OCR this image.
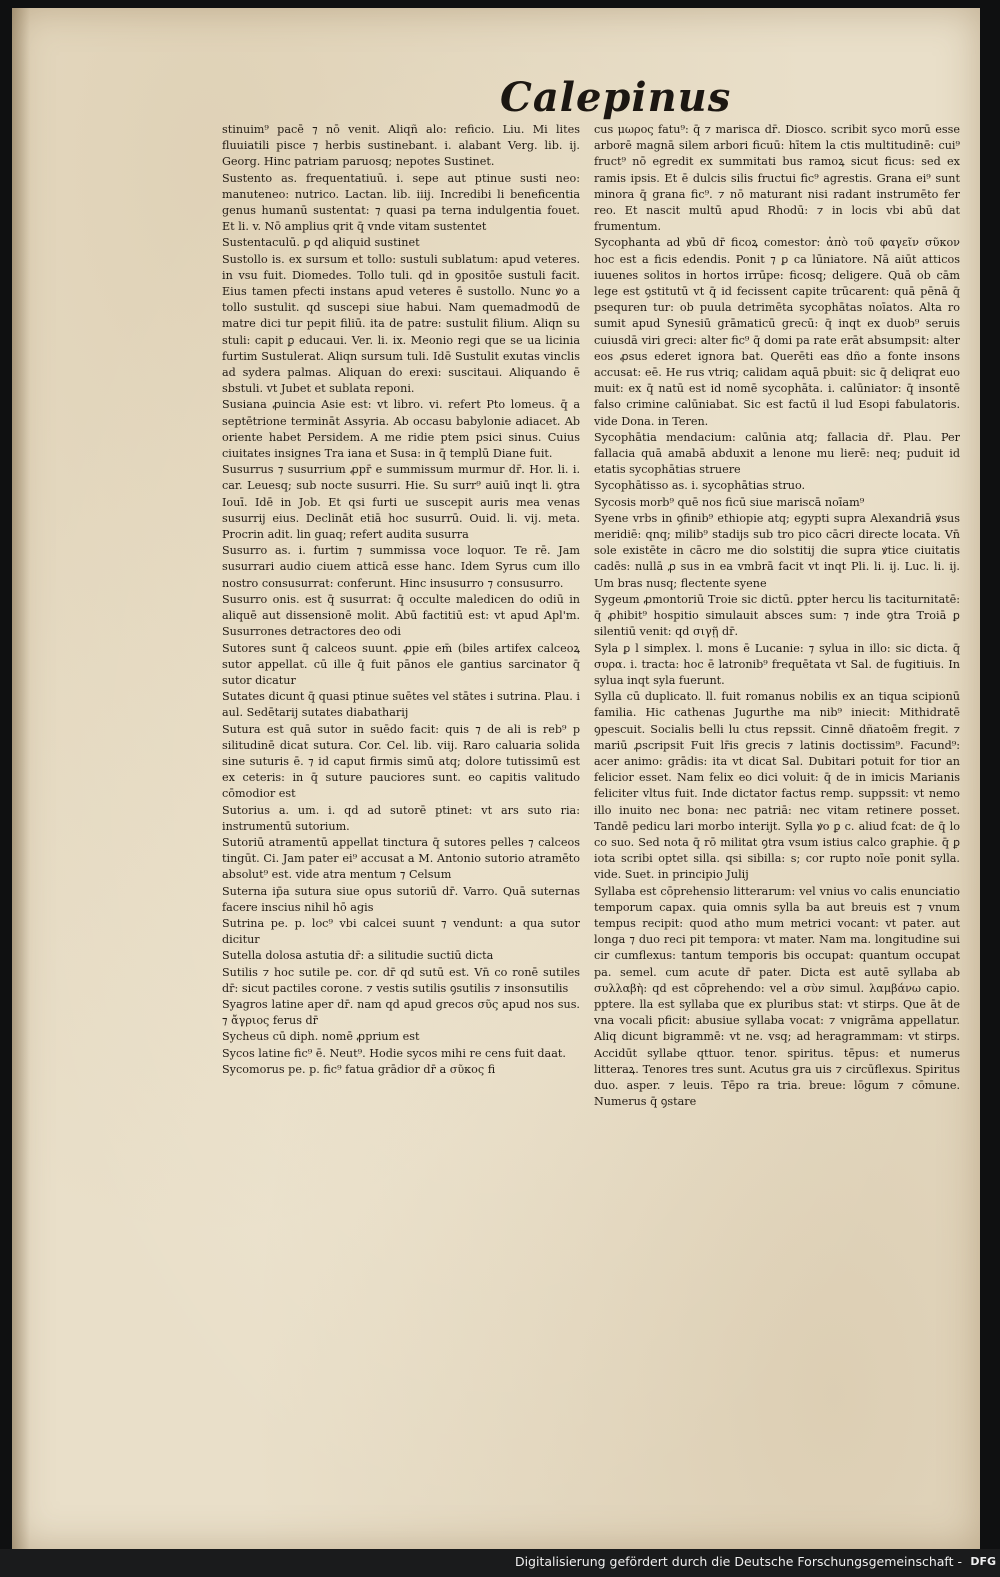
Calepinus

stinuim⁹ pacē ⁊ nō venit. Aliqñ alo: reficio. Liu. Mi lites fluuiatili pisce ⁊ herbis sustinebant. i. alabant Verg. lib. ij. Georg. Hinc patriam paruosq; nepotes Sustinet.

Sustento as. frequentatiuū. i. sepe aut ptinue susti neo: manuteneo: nutrico. Lactan. lib. iiij. Incredibi li beneficentia genus humanū sustentat: ⁊ quasi pa terna indulgentia fouet. Et li. v. Nō amplius qrit q̄ vnde vitam sustentet

Sustentaculū. ꝑ qd aliquid sustinet

Sustollo is. ex sursum et tollo: sustuli sublatum: apud veteres. in vsu fuit. Diomedes. Tollo tuli. qd in ꝯpositōe sustuli facit. Eius tamen pfecti instans apud veteres ē sustollo. Nunc ꝟo a tollo sustulit. qd suscepi siue habui. Nam quemadmodū de matre dici tur pepit filiū. ita de patre: sustulit filium. Aliqn su stuli: capit ꝑ educaui. Ver. li. ix. Meonio regi que se ua licinia furtim Sustulerat. Aliqn sursum tuli. Idē Sustulit exutas vinclis ad sydera palmas. Aliquan do erexi: suscitaui. Aliquando ē sbstuli. vt Jubet et sublata reponi.

Susiana ꝓuincia Asie est: vt libro. vi. refert Pto lomeus. q̄ a septētrione termināt Assyria. Ab occasu babylonie adiacet. Ab oriente habet Persidem. A me ridie ptem psici sinus. Cuius ciuitates insignes Tra iana et Susa: in q̄ templū Diane fuit.

Susurrus ⁊ susurrium ꝓpr̄ e summissum murmur dr̄. Hor. li. i. car. Leuesq; sub nocte susurri. Hie. Su surr⁹ auiū inqt li. ꝯtra Iouī. Idē in Job. Et qsi furti ue suscepit auris mea venas susurrij eius. Declināt etiā hoc susurrū. Ouid. li. vij. meta. Procrin adit. lin guaq; refert audita susurra

Susurro as. i. furtim ⁊ summissa voce loquor. Te rē. Jam susurrari audio ciuem atticā esse hanc. Idem Syrus cum illo nostro consusurrat: conferunt. Hinc insusurro ⁊ consusurro.

Susurro onis. est q̄ susurrat: q̄ occulte maledicen do odiū in aliquē aut dissensionē molit. Abū factitiū est: vt apud Apl'm. Susurrones detractores deo odi

Sutores sunt q̄ calceos suunt. ꝓpie em̄ (biles artifex calceoꝝ sutor appellat. cū ille q̄ fuit pānos ele gantius sarcinator q̄ sutor dicatur

Sutates dicunt q̄ quasi ptinue suētes vel stātes i sutrina. Plau. i aul. Sedētarij sutates diabatharij

Sutura est quā sutor in suēdo facit: quis ⁊ de ali is reb⁹ p silitudinē dicat sutura. Cor. Cel. lib. viij. Raro caluaria solida sine suturis ē. ⁊ id caput firmis simū atq; dolore tutissimū est ex ceteris: in q̄ suture pauciores sunt. eo capitis valitudo cōmodior est

Sutorius a. um. i. qd ad sutorē ptinet: vt ars suto ria: instrumentū sutorium.

Sutoriū atramentū appellat tinctura q̄ sutores pelles ⁊ calceos tingūt. Ci. Jam pater ei⁹ accusat a M. Antonio sutorio atramēto absolut⁹ est. vide atra mentum ⁊ Celsum

Suterna ip̄a sutura siue opus sutoriū dr̄. Varro. Quā suternas facere inscius nihil hō agis

Sutrina pe. p. loc⁹ vbi calcei suunt ⁊ vendunt: a qua sutor dicitur

Sutella dolosa astutia dr̄: a silitudie suctiū dicta

Sutilis ⁊ hoc sutile pe. cor. dr̄ qd sutū est. Vn̄ co ronē sutiles dr̄: sicut pactiles corone. ⁊ vestis sutilis ꝯsutilis ⁊ insonsutilis

Syagros latine aper dr̄. nam qd apud grecos σῦς apud nos sus. ⁊ ἄγριος ferus dr̄

Sycheus cū diph. nomē ꝓprium est

Sycos latine fic⁹ ē. Neut⁹. Hodie sycos mihi re cens fuit daat.

Sycomorus pe. p. fic⁹ fatua grādior dr̄ a σῦκος fi

cus μωρος fatu⁹: q̄ ⁊ marisca dr̄. Diosco. scribit syco morū esse arborē magnā silem arbori ficuū: hītem la ctis multitudinē: cui⁹ fruct⁹ nō egredit ex summitati bus ramoꝝ sicut ficus: sed ex ramis ipsis. Et ē dulcis silis fructui fic⁹ agrestis. Grana ei⁹ sunt minora q̄ grana fic⁹. ⁊ nō maturant nisi radant instrumēto fer reo. Et nascit multū apud Rhodū: ⁊ in locis vbi abū dat frumentum.

Sycophanta ad ꝟbū dr̄ ficoꝝ comestor: ἀπὸ τοῦ φαγεῖν σῦκον hoc est a ficis edendis. Ponit ⁊ ꝑ ca lūniatore. Nā aiūt atticos iuuenes solitos in hortos irrūpe: ficosq; deligere. Quā ob cām lege est ꝯstitutū vt q̄ id fecissent capite trūcarent: quā pēnā q̄ psequren tur: ob puula detrimēta sycophātas noīatos. Alta ro sumit apud Synesiū grāmaticū grecū: q̄ inqt ex duob⁹ seruis cuiusdā viri greci: alter fic⁹ q̄ domi pa rate erāt absumpsit: alter eos ꝓsus ederet ignora bat. Querēti eas dño a fonte insons accusat: eē. He rus vtriq; calidam aquā pbuit: sic q̄ deliqrat euo muit: ex q̄ natū est id nomē sycophāta. i. calūniator: q̄ insontē falso crimine calūniabat. Sic est factū il lud Esopi fabulatoris. vide Dona. in Teren.

Sycophātia mendacium: calūnia atq; fallacia dr̄. Plau. Per fallacia quā amabā abduxit a lenone mu lierē: neq; puduit id etatis sycophātias struere

Sycophātisso as. i. sycophātias struo.

Sycosis morb⁹ quē nos ficū siue mariscā noīam⁹

Syene vrbs in ꝯfinib⁹ ethiopie atq; egypti supra Alexandriā ꝟsus meridiē: qnq; milib⁹ stadijs sub tro pico cācri directe locata. Vn̄ sole existēte in cācro me dio solstitij die supra ꝟtice ciuitatis cadēs: nullā ꝓ sus in ea vmbrā facit vt inqt Pli. li. ij. Luc. li. ij. Um bras nusq; flectente syene

Sygeum ꝓmontoriū Troie sic dictū. ꝑpter hercu lis taciturnitatē: q̄ ꝓhibit⁹ hospitio simulauit absces sum: ⁊ inde ꝯtra Troiā ꝑ silentiū venit: qd σιγῇ dr̄.

Syla ꝑ l simplex. l. mons ē Lucanie: ⁊ sylua in illo: sic dicta. q̄ συρα. i. tracta: hoc ē latronib⁹ frequētata vt Sal. de fugitiuis. In sylua inqt syla fuerunt.

Sylla cū duplicato. ll. fuit romanus nobilis ex an tiqua scipionū familia. Hic cathenas Jugurthe ma nib⁹ iniecit: Mithidratē ꝯpescuit. Socialis belli lu ctus repssit. Cinnē dñatoēm fregit. ⁊ mariū ꝓscripsit Fuit lr̄is grecis ⁊ latinis doctissim⁹. Facund⁹: acer animo: grādis: ita vt dicat Sal. Dubitari potuit for tior an felicior esset. Nam felix eo dici voluit: q̄ de in imicis Marianis feliciter vltus fuit. Inde dictator factus remp. suppssit: vt nemo illo inuito nec bona: nec patriā: nec vitam retinere posset. Tandē pedicu lari morbo interijt. Sylla ꝟo ꝑ c. aliud fcat: de q̄ lo co suo. Sed nota q̄ rō militat ꝯtra vsum istius calco graphie. q̄ ꝑ iota scribi optet silla. qsi sibilla: s; cor rupto noīe ponit sylla. vide. Suet. in principio Julij

Syllaba est cōprehensio litterarum: vel vnius vo calis enunciatio temporum capax. quia omnis sylla ba aut breuis est ⁊ vnum tempus recipit: quod atho mum metrici vocant: vt pater. aut longa ⁊ duo reci pit tempora: vt mater. Nam ma. longitudine sui cir cumflexus: tantum temporis bis occupat: quantum occupat pa. semel. cum acute dr̄ pater. Dicta est autē syllaba ab συλλαβὴ: qd est cōprehendo: vel a σὺν simul. λαμβάνω capio. pptere. lla est syllaba que ex pluribus stat: vt stirps. Que āt de vna vocali pficit: abusiue syllaba vocat: ⁊ vnigrāma appellatur. Aliq dicunt bigrammē: vt ne. vsq; ad heragrammam: vt stirps. Accidūt syllabe qttuor. tenor. spiritus. tēpus: et numerus litteraꝝ. Tenores tres sunt. Acutus gra uis ⁊ circūflexus. Spiritus duo. asper. ⁊ leuis. Tēpo ra tria. breue: lōgum ⁊ cōmune. Numerus q̄ ꝯstare

Digitalisierung gefördert durch die Deutsche Forschungsgemeinschaft - DFG
